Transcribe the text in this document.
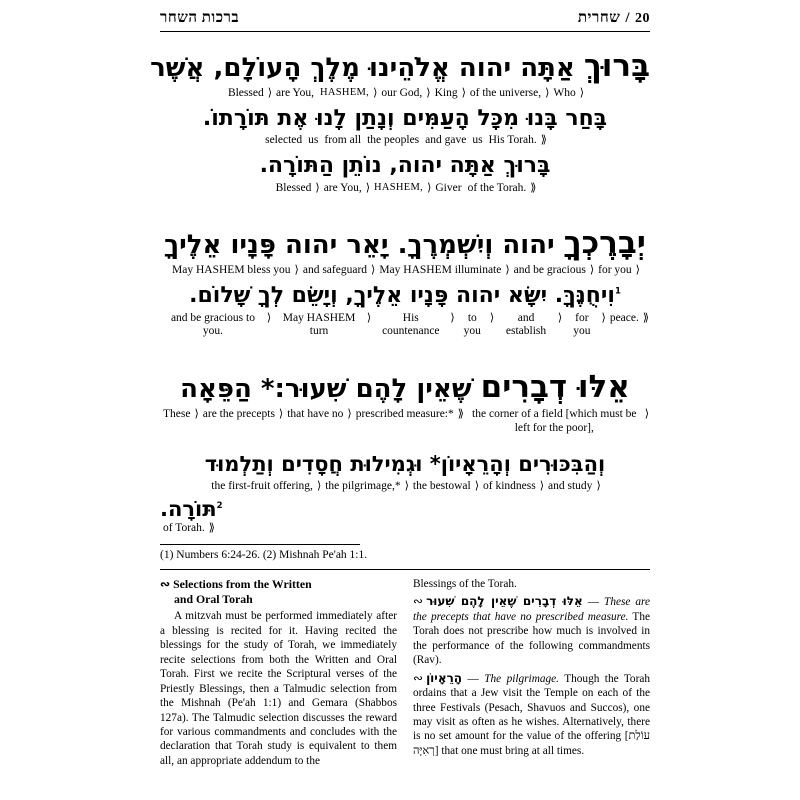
ברכות השחר	שחרית / 20
בָּרוּךְ אַתָּה יהוה אֱלֹהֵינוּ מֶלֶךְ הָעוֹלָם, אֲשֶׁר
⟨
Who
⟨
of the universe,
⟨
King
⟨
our God,
⟨
HASHEM,
are You,
⟨
Blessed
בָּחַר בָּנוּ מִכָּל הָעַמִּים וְנָתַן לָנוּ אֶת תּוֹרָתוֹ.
⟪
His Torah.
us
and gave
the peoples
from all
us
selected
בָּרוּךְ אַתָּה יהוה, נוֹתֵן הַתּוֹרָה.
⟪
of the Torah.
Giver
⟨
HASHEM,
⟨
are You,
⟨
Blessed
יְבָרֶכְךָ יהוה וְיִשְׁמְרֶךָ. יָאֵר יהוה פָּנָיו אֵלֶיךָ
⟨
for you
⟨
and be gracious
⟨
May HASHEM illuminate
⟨
and safeguard
⟨
May HASHEM bless you
$^1$וִיחֻנֶּךָּ. יִשָּׂא יהוה פָּנָיו אֵלֶיךָ, וְיָשֵׂם לְךָ שָׁלוֹם.
⟪
peace.
⟨
for you
⟨
and establish
⟨
to you
⟨
His countenance
⟨
May HASHEM turn
⟨
and be gracious to you.
אֵלּוּ דְבָרִים שֶׁאֵין לָהֶם שִׁעוּר:* הַפֵּאָה
⟨
the corner of a field [which must be left for the poor],
⟪
prescribed measure:*
⟨
that have no
⟨
are the precepts
⟨
These
וְהַבִּכּוּרִים וְהָרֵאָיוֹן* וּגְמִילוּת חֲסָדִים וְתַלְמוּד
⟨
and study
⟨
of kindness
⟨
the bestowal
⟨
the pilgrimage,*
⟨
the first-fruit offering,
$^2$תּוֹרָה.
⟪
of Torah.
(1) Numbers 6:24-26. (2) Mishnah Pe'ah 1:1.
∾ Selections from the Written
and Oral Torah

A mitzvah must be performed immediately after a blessing is recited for it. Having recited the blessings for the study of Torah, we immediately recite selections from both the Written and Oral Torah. First we recite the Scriptural verses of the Priestly Blessings, then a Talmudic selection from the Mishnah (Pe'ah 1:1) and Gemara (Shabbos 127a). The Talmudic selection discusses the reward for various commandments and concludes with the declaration that Torah study is equivalent to them all, an appropriate addendum to the

Blessings of the Torah.

∾ אֵלּוּ דְבָרִים שֶׁאֵין לָהֶם שִׁעוּר — These are the precepts that have no prescribed measure. The Torah does not prescribe how much is involved in the performance of the following commandments (Rav).

∾ הָרֵאָיוֹן — The pilgrimage. Though the Torah ordains that a Jew visit the Temple on each of the three Festivals (Pesach, Shavuos and Succos), one may visit as often as he wishes. Alternatively, there is no set amount for the value of the offering [עוֹלַת רְאִיָּה] that one must bring at all times.
